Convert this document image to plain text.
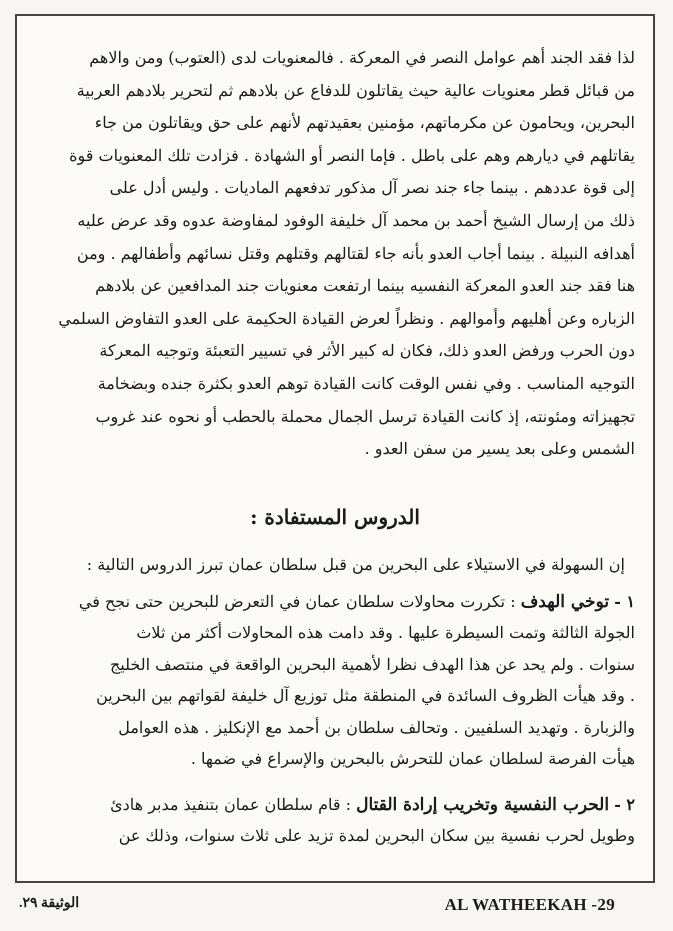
لذا فقد الجند أهم عوامل النصر في المعركة . فالمعنويات لدى (العتوب) ومن والاهم

من قبائل قطر معنويات عالية حيث يقاتلون للدفاع عن بلادهم ثم لتحرير بلادهم العربية

البحرين، ويحامون عن مكرماتهم، مؤمنين بعقيدتهم لأنهم على حق ويقاتلون من جاء

يقاتلهم في ديارهم وهم على باطل . فإما النصر أو الشهادة . فزادت تلك المعنويات قوة

إلى قوة عددهم . بينما جاء جند نصر آل مذكور تدفعهم الماديات . وليس أدل على

ذلك من إرسال الشيخ أحمد بن محمد آل خليفة الوفود لمفاوضة عدوه وقد عرض عليه

أهدافه النبيلة . بينما أجاب العدو بأنه جاء لقتالهم وقتلهم وقتل نسائهم وأطفالهم . ومن

هنا فقد جند العدو المعركة النفسيه بينما ارتفعت معنويات جند المدافعين عن بلادهم

الزباره وعن أهليهم وأموالهم . ونظراً لعرض القيادة الحكيمة على العدو التفاوض السلمي

دون الحرب ورفض العدو ذلك، فكان له كبير الأثر في تسيير التعبئة وتوجيه المعركة

التوجيه المناسب . وفي نفس الوقت كانت القيادة توهم العدو بكثرة جنده وبضخامة

تجهيزاته ومئونته، إذ كانت القيادة ترسل الجمال محملة بالحطب أو نحوه عند غروب

الشمس وعلى بعد يسير من سفن العدو .

الدروس المستفادة :
إن السهولة في الاستيلاء على البحرين من قبل سلطان عمان تبرز الدروس التالية :

١ - توخي الهدف : تكررت محاولات سلطان عمان في التعرض للبحرين حتى نجح في

الجولة الثالثة وتمت السيطرة عليها . وقد دامت هذه المحاولات أكثر من ثلاث

سنوات . ولم يحد عن هذا الهدف نظرا لأهمية البحرين الواقعة في منتصف الخليج

. وقد هيأت الظروف السائدة في المنطقة مثل توزيع آل خليفة لقواتهم بين البحرين

والزبارة . وتهديد السلفيين . وتحالف سلطان بن أحمد مع الإنكليز . هذه العوامل

هيأت الفرصة لسلطان عمان للتحرش بالبحرين والإسراع في ضمها .

٢ - الحرب النفسية وتخريب إرادة القتال : قام سلطان عمان بتنفيذ مدبر هادئ

وطويل لحرب نفسية بين سكان البحرين لمدة تزيد على ثلاث سنوات، وذلك عن

الوثيقة ٢٩.	AL WATHEEKAH -29
